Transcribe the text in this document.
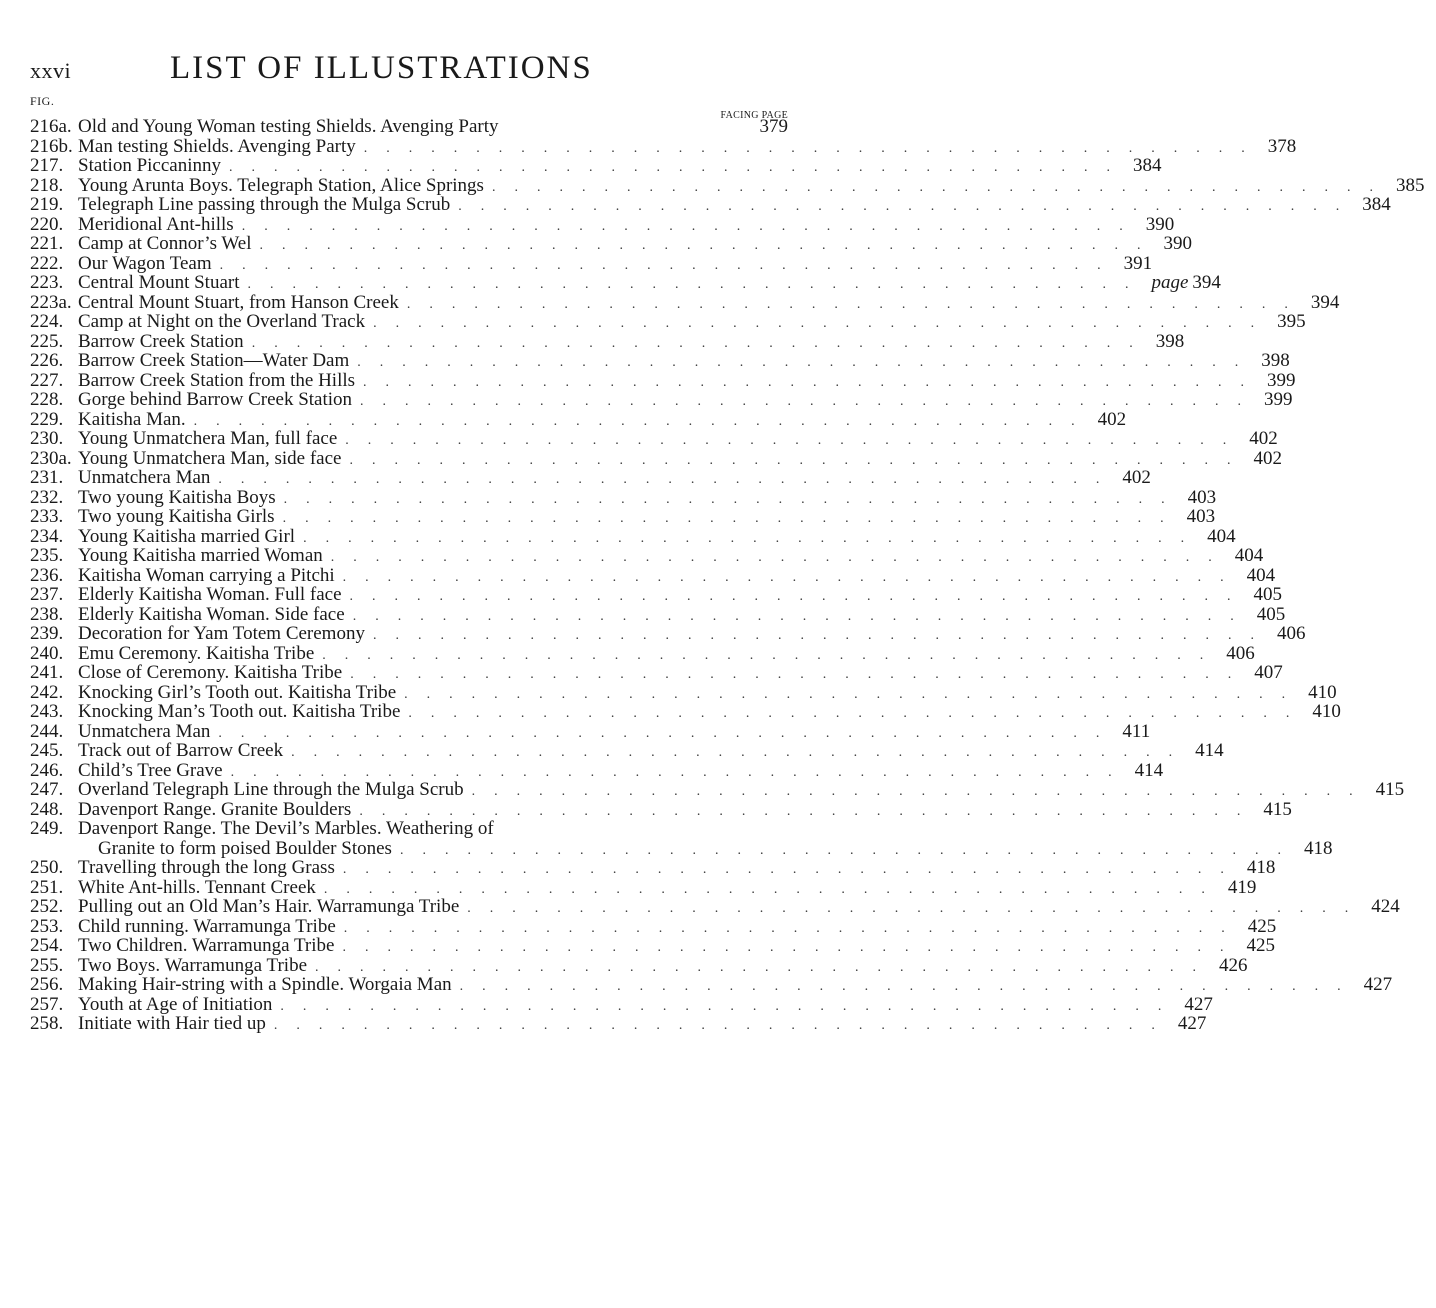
xxvi	LIST OF ILLUSTRATIONS
FIG.
FACING PAGE
216a. Old and Young Woman testing Shields. Avenging Party	379
216b. Man testing Shields. Avenging Party ........................................ 378
217. Station Piccaninny ........................................ 384
218. Young Arunta Boys. Telegraph Station, Alice Springs ........................................ 385
219. Telegraph Line passing through the Mulga Scrub ........................................ 384
220. Meridional Ant-hills ........................................ 390
221. Camp at Connor’s Wel ........................................ 390
222. Our Wagon Team ........................................ 391
223. Central Mount Stuart ........................................ page 394
223a. Central Mount Stuart, from Hanson Creek ........................................ 394
224. Camp at Night on the Overland Track ........................................ 395
225. Barrow Creek Station ........................................ 398
226. Barrow Creek Station—Water Dam ........................................ 398
227. Barrow Creek Station from the Hills ........................................ 399
228. Gorge behind Barrow Creek Station ........................................ 399
229. Kaitisha Man. ........................................ 402
230. Young Unmatchera Man, full face ........................................ 402
230a. Young Unmatchera Man, side face ........................................ 402
231. Unmatchera Man ........................................ 402
232. Two young Kaitisha Boys ........................................ 403
233. Two young Kaitisha Girls ........................................ 403
234. Young Kaitisha married Girl ........................................ 404
235. Young Kaitisha married Woman ........................................ 404
236. Kaitisha Woman carrying a Pitchi ........................................ 404
237. Elderly Kaitisha Woman. Full face ........................................ 405
238. Elderly Kaitisha Woman. Side face ........................................ 405
239. Decoration for Yam Totem Ceremony ........................................ 406
240. Emu Ceremony. Kaitisha Tribe ........................................ 406
241. Close of Ceremony. Kaitisha Tribe ........................................ 407
242. Knocking Girl’s Tooth out. Kaitisha Tribe ........................................ 410
243. Knocking Man’s Tooth out. Kaitisha Tribe ........................................ 410
244. Unmatchera Man ........................................ 411
245. Track out of Barrow Creek ........................................ 414
246. Child’s Tree Grave ........................................ 414
247. Overland Telegraph Line through the Mulga Scrub ........................................ 415
248. Davenport Range. Granite Boulders ........................................ 415
249. Davenport Range. The Devil’s Marbles. Weathering of
Granite to form poised Boulder Stones ........................................ 418
250. Travelling through the long Grass ........................................ 418
251. White Ant-hills. Tennant Creek ........................................ 419
252. Pulling out an Old Man’s Hair. Warramunga Tribe ........................................ 424
253. Child running. Warramunga Tribe ........................................ 425
254. Two Children. Warramunga Tribe ........................................ 425
255. Two Boys. Warramunga Tribe ........................................ 426
256. Making Hair-string with a Spindle. Worgaia Man ........................................ 427
257. Youth at Age of Initiation ........................................ 427
258. Initiate with Hair tied up ........................................ 427
